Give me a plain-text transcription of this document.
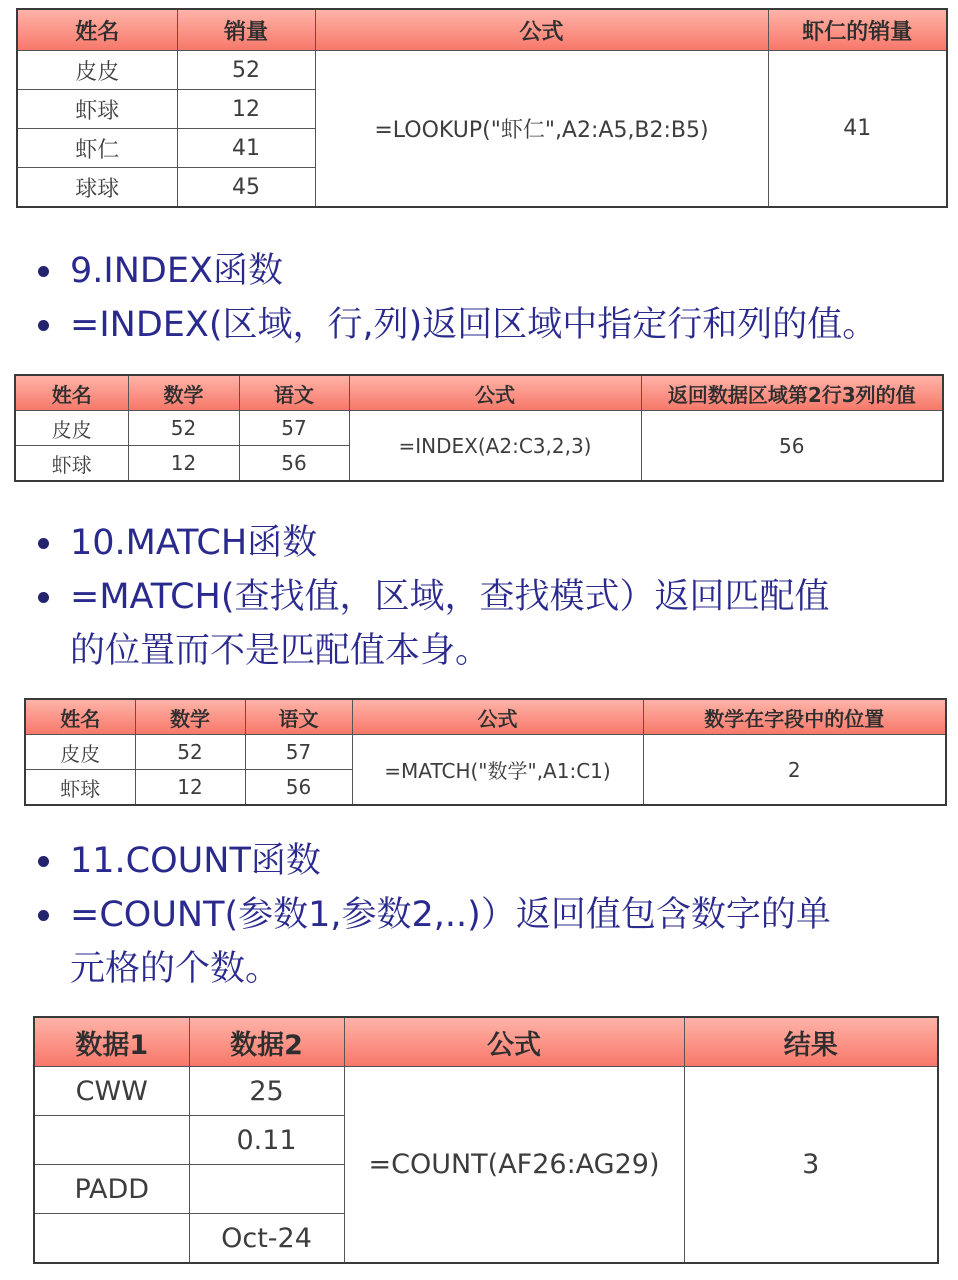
姓名	销量	公式	虾仁的销量
皮皮	52	=LOOKUP("虾仁",A2:A5,B2:B5)	41
虾球	12		
虾仁	41		
球球	45		
9.INDEX函数
=INDEX(区域，行,列)返回区域中指定行和列的值。
姓名	数学	语文	公式	返回数据区域第2行3列的值
皮皮	52	57	=INDEX(A2:C3,2,3)	56
虾球	12	56		
10.MATCH函数
=MATCH(查找值，区域，查找模式）返回匹配值
的位置而不是匹配值本身。
姓名	数学	语文	公式	数学在字段中的位置
皮皮	52	57	=MATCH("数学",A1:C1)	2
虾球	12	56		
11.COUNT函数
=COUNT(参数1,参数2,..)）返回值包含数字的单
元格的个数。
数据1	数据2	公式	结果
CWW	25	=COUNT(AF26:AG29)	3
	0.11		
PADD			
	Oct-24		
